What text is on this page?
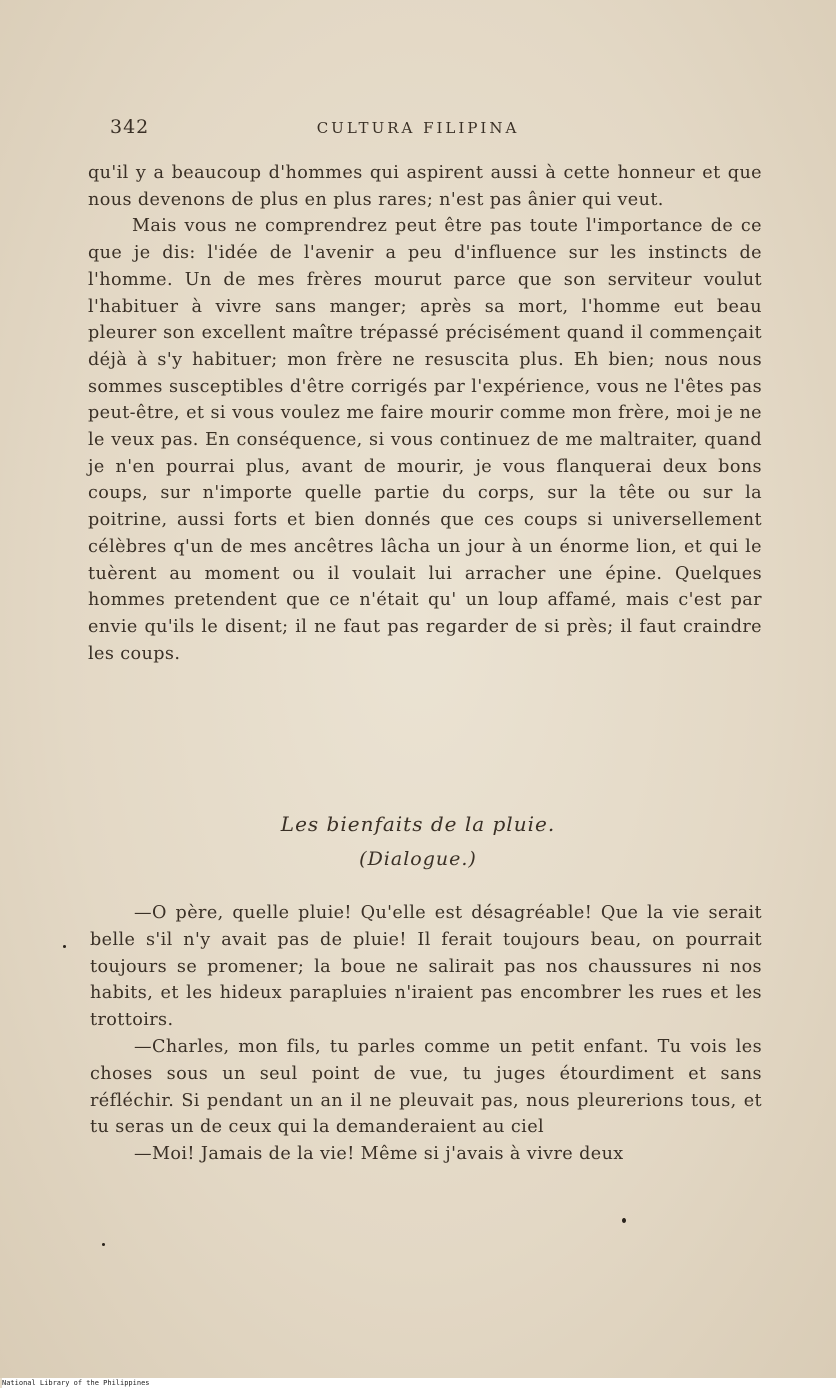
342	CULTURA FILIPINA

qu'il y a beaucoup d'hommes qui aspirent aussi à cette honneur et que nous devenons de plus en plus rares; n'est pas ânier qui veut.

Mais vous ne comprendrez peut être pas toute l'importance de ce que je dis: l'idée de l'avenir a peu d'influence sur les instincts de l'homme. Un de mes frères mourut parce que son serviteur voulut l'habituer à vivre sans manger; après sa mort, l'homme eut beau pleurer son excellent maître trépassé précisément quand il commençait déjà à s'y habituer; mon frère ne resuscita plus. Eh bien; nous nous sommes susceptibles d'être corrigés par l'expérience, vous ne l'êtes pas peut-être, et si vous voulez me faire mourir comme mon frère, moi je ne le veux pas. En conséquence, si vous continuez de me maltraiter, quand je n'en pourrai plus, avant de mourir, je vous flanquerai deux bons coups, sur n'importe quelle partie du corps, sur la tête ou sur la poitrine, aussi forts et bien donnés que ces coups si universellement célèbres q'un de mes ancêtres lâcha un jour à un énorme lion, et qui le tuèrent au moment ou il voulait lui arracher une épine. Quelques hommes pretendent que ce n'était qu' un loup affamé, mais c'est par envie qu'ils le disent; il ne faut pas regarder de si près; il faut craindre les coups.

Les bienfaits de la pluie.
(Dialogue.)

—O père, quelle pluie! Qu'elle est désagréable! Que la vie serait belle s'il n'y avait pas de pluie! Il ferait toujours beau, on pourrait toujours se promener; la boue ne salirait pas nos chaussures ni nos habits, et les hideux parapluies n'iraient pas encombrer les rues et les trottoirs.

—Charles, mon fils, tu parles comme un petit enfant. Tu vois les choses sous un seul point de vue, tu juges étourdiment et sans réfléchir. Si pendant un an il ne pleuvait pas, nous pleurerions tous, et tu seras un de ceux qui la demanderaient au ciel

—Moi! Jamais de la vie! Même si j'avais à vivre deux

National Library of the Philippines
